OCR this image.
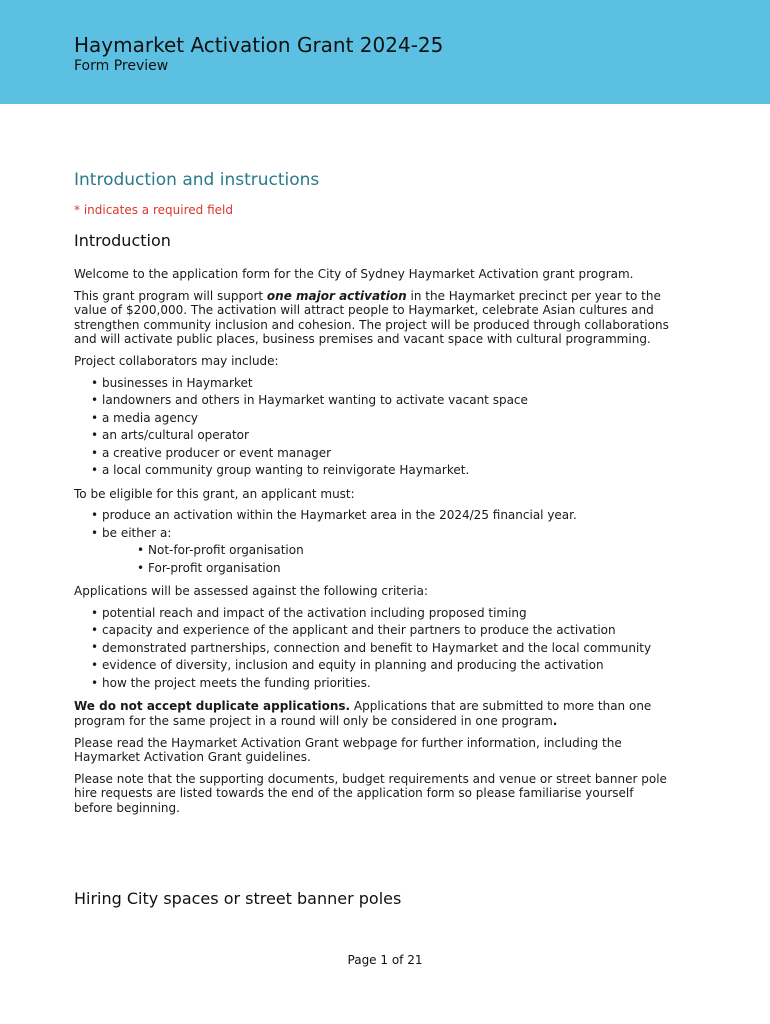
Haymarket Activation Grant 2024-25
Form Preview
Introduction and instructions
* indicates a required field
Introduction

Welcome to the application form for the City of Sydney Haymarket Activation grant program.

This grant program will support one major activation in the Haymarket precinct per year to the value of $200,000. The activation will attract people to Haymarket, celebrate Asian cultures and strengthen community inclusion and cohesion. The project will be produced through collaborations and will activate public places, business premises and vacant space with cultural programming.

Project collaborators may include:

• businesses in Haymarket
• landowners and others in Haymarket wanting to activate vacant space
• a media agency
• an arts/cultural operator
• a creative producer or event manager
• a local community group wanting to reinvigorate Haymarket.

To be eligible for this grant, an applicant must:

• produce an activation within the Haymarket area in the 2024/25 financial year.
• be either a:
• Not-for-profit organisation
• For-profit organisation

Applications will be assessed against the following criteria:

• potential reach and impact of the activation including proposed timing
• capacity and experience of the applicant and their partners to produce the activation
• demonstrated partnerships, connection and benefit to Haymarket and the local community
• evidence of diversity, inclusion and equity in planning and producing the activation
• how the project meets the funding priorities.

We do not accept duplicate applications. Applications that are submitted to more than one program for the same project in a round will only be considered in one program.

Please read the Haymarket Activation Grant webpage for further information, including the Haymarket Activation Grant guidelines.

Please note that the supporting documents, budget requirements and venue or street banner pole hire requests are listed towards the end of the application form so please familiarise yourself before beginning.

Hiring City spaces or street banner poles
Page 1 of 21
